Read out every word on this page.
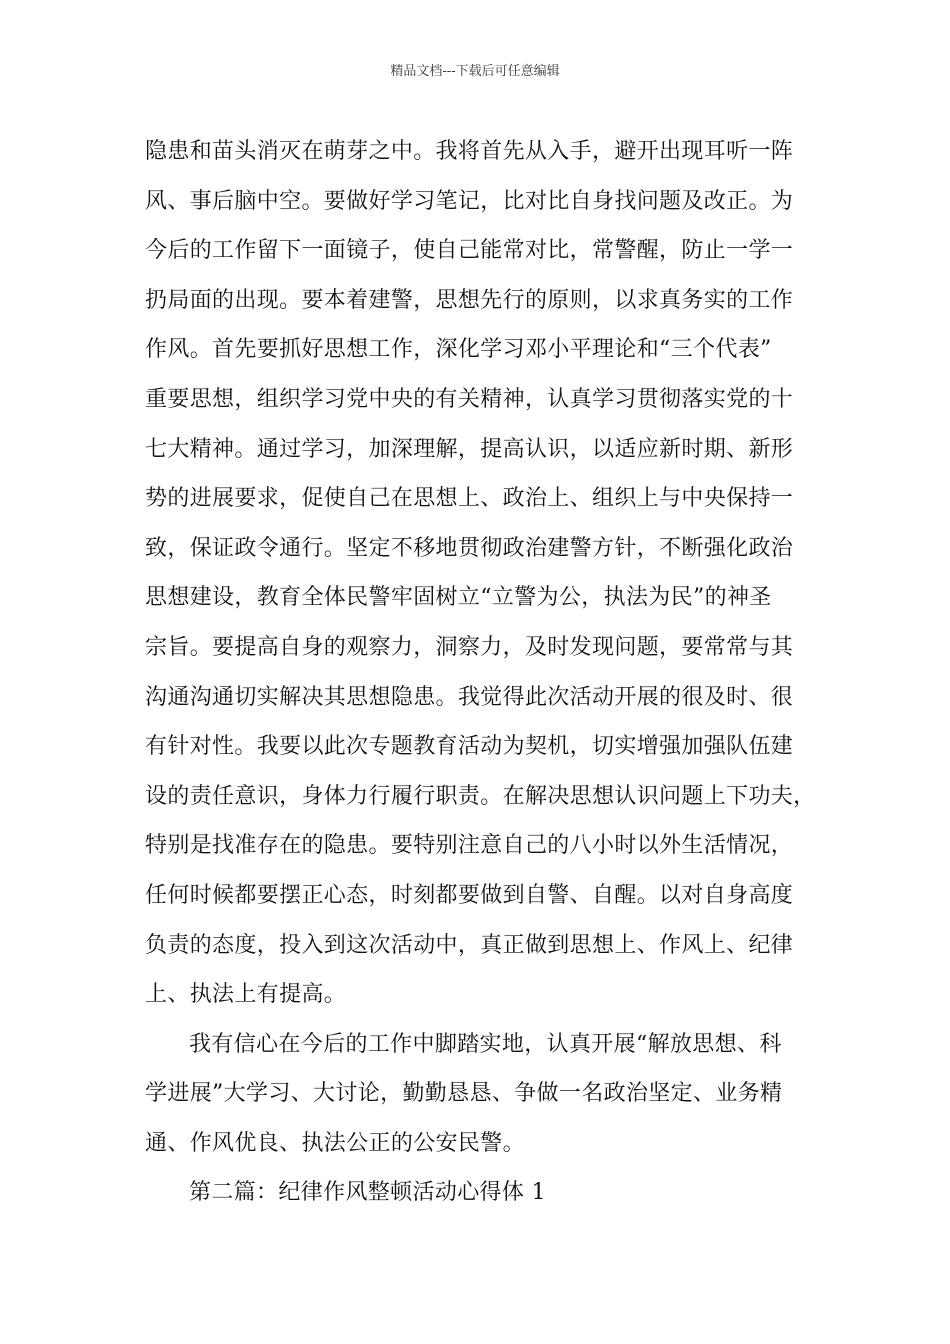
精品文档---下载后可任意编辑
隐患和苗头消灭在萌芽之中。我将首先从入手，避开出现耳听一阵
风、事后脑中空。要做好学习笔记，比对比自身找问题及改正。为
今后的工作留下一面镜子，使自己能常对比，常警醒，防止一学一
扔局面的出现。要本着建警，思想先行的原则，以求真务实的工作
作风。首先要抓好思想工作，深化学习邓小平理论和“三个代表”
重要思想，组织学习党中央的有关精神，认真学习贯彻落实党的十
七大精神。通过学习，加深理解，提高认识，以适应新时期、新形
势的进展要求，促使自己在思想上、政治上、组织上与中央保持一
致，保证政令通行。坚定不移地贯彻政治建警方针，不断强化政治
思想建设，教育全体民警牢固树立“立警为公，执法为民”的神圣
宗旨。要提高自身的观察力，洞察力，及时发现问题，要常常与其
沟通沟通切实解决其思想隐患。我觉得此次活动开展的很及时、很
有针对性。我要以此次专题教育活动为契机，切实增强加强队伍建
设的责任意识，身体力行履行职责。在解决思想认识问题上下功夫，
特别是找准存在的隐患。要特别注意自己的八小时以外生活情况，
任何时候都要摆正心态，时刻都要做到自警、自醒。以对自身高度
负责的态度，投入到这次活动中，真正做到思想上、作风上、纪律
上、执法上有提高。
我有信心在今后的工作中脚踏实地，认真开展“解放思想、科
学进展”大学习、大讨论，勤勤恳恳、争做一名政治坚定、业务精
通、作风优良、执法公正的公安民警。
第二篇：纪律作风整顿活动心得体 1
